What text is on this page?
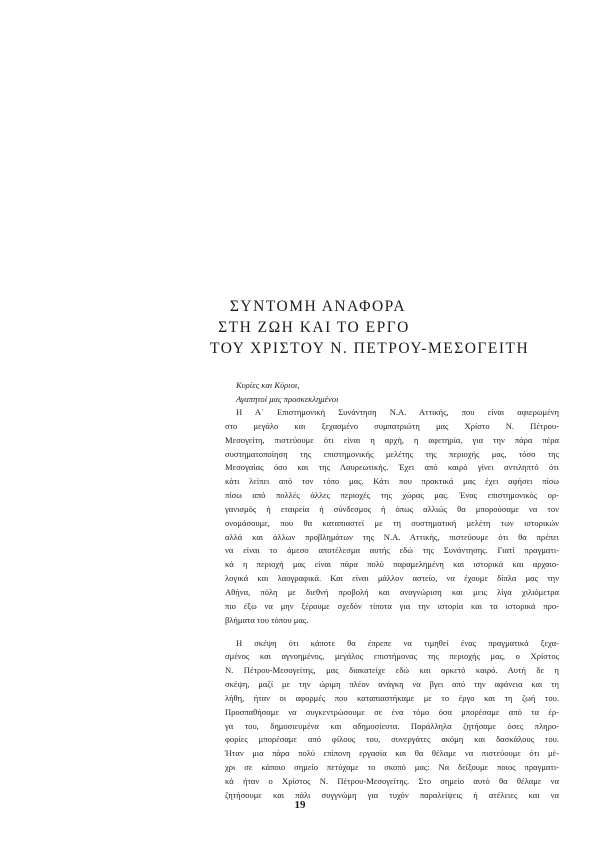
ΣΥΝΤΟΜΗ ΑΝΑΦΟΡΑ
ΣΤΗ ΖΩΗ ΚΑΙ ΤΟ ΕΡΓΟ
ΤΟΥ ΧΡΙΣΤΟΥ Ν. ΠΕΤΡΟΥ-ΜΕΣΟΓΕΙΤΗ
Κυρίες και Κύριοι,
Αγαπητοί μας προσκεκλημένοι
Η Α΄ Επιστημονική Συνάντηση Ν.Α. Αττικής, που είναι αφιερωμένη
στο μεγάλο και ξεχασμένο συμπατριώτη μας Χρίστο Ν. Πέτρου-
Μεσογείτη, πιστεύουμε ότι είναι η αρχή, η αφετηρία, για την πάρα πέρα
συστηματοποίηση της επιστημονικής μελέτης της περιοχής μας, τόσο της
Μεσογαίας όσο και της Λαυρεωτικής. Έχει από καιρό γίνει αντιληπτό ότι
κάτι λείπει από τον τόπο μας. Κάτι που πρακτικά μας έχει αφήσει πίσω
πίσω από πολλές άλλες περιοχές της χώρας μας. Ένας επιστημονικός ορ-
γανισμός ή εταιρεία ή σύνδεσμος ή όπως αλλιώς θα μπορούσαμε να τον
ονομάσουμε, που θα καταπιαστεί με τη συστηματική μελέτη των ιστορικών
αλλά και άλλων προβλημάτων της Ν.Α. Αττικής, πιστεύουμε ότι θα πρέπει
να είναι το άμεσο αποτέλεσμα αυτής εδώ της Συνάντησης. Γιατί πραγματι-
κά η περιοχή μας είναι πάρα πολύ παραμελημένη και ιστορικά και αρχαιο-
λογικά και λαογραφικά. Και είναι μάλλον αστείο, να έχουμε δίπλα μας την
Αθήνα, πόλη με διεθνή προβολή και αναγνώριση και μεις λίγα χιλιόμετρα
πιο έξω να μην ξέρουμε σχεδόν τίποτα για την ιστορία και τα ιστορικά προ-
βλήματα του τόπου μας.
Η σκέψη ότι κάποτε θα έπρεπε να τιμηθεί ένας πραγματικά ξεχα-
σμένος και αγνοημένος, μεγάλος επιστήμονας της περιοχής μας, ο Χρίστος
Ν. Πέτρου-Μεσογείτης, μας διακατείχε εδώ και αρκετό καιρό. Αυτή δε η
σκέψη, μαζί με την ώριμη πλέον ανάγκη να βγει από την αφάνεια και τη
λήθη, ήταν οι αφορμές που καταπιαστήκαμε με το έργο και τη ζωή του.
Προσπαθήσαμε να συγκεντρώσουμε σε ένα τόμο όσα μπορέσαμε από τα έρ-
γα του, δημοσιευμένα και αδημοσίευτα. Παράλληλα ζητήσαμε όσες πληρο-
φορίες μπορέσαμε από φίλους του, συνεργάτες ακόμη και δασκάλους του.
Ήταν μια πάρα πολύ επίπονη εργασία και θα θέλαμε να πιστεύουμε ότι μέ-
χρι σε κάποιο σημείο πετύχαμε το σκοπό μας: Να δείξουμε ποιος πραγματι-
κά ήταν ο Χρίστος Ν. Πέτρου-Μεσογείτης. Στο σημείο αυτό θα θέλαμε να
ζητήσουμε και πάλι συγγνώμη για τυχόν παραλείψεις ή ατέλειες και να
19
